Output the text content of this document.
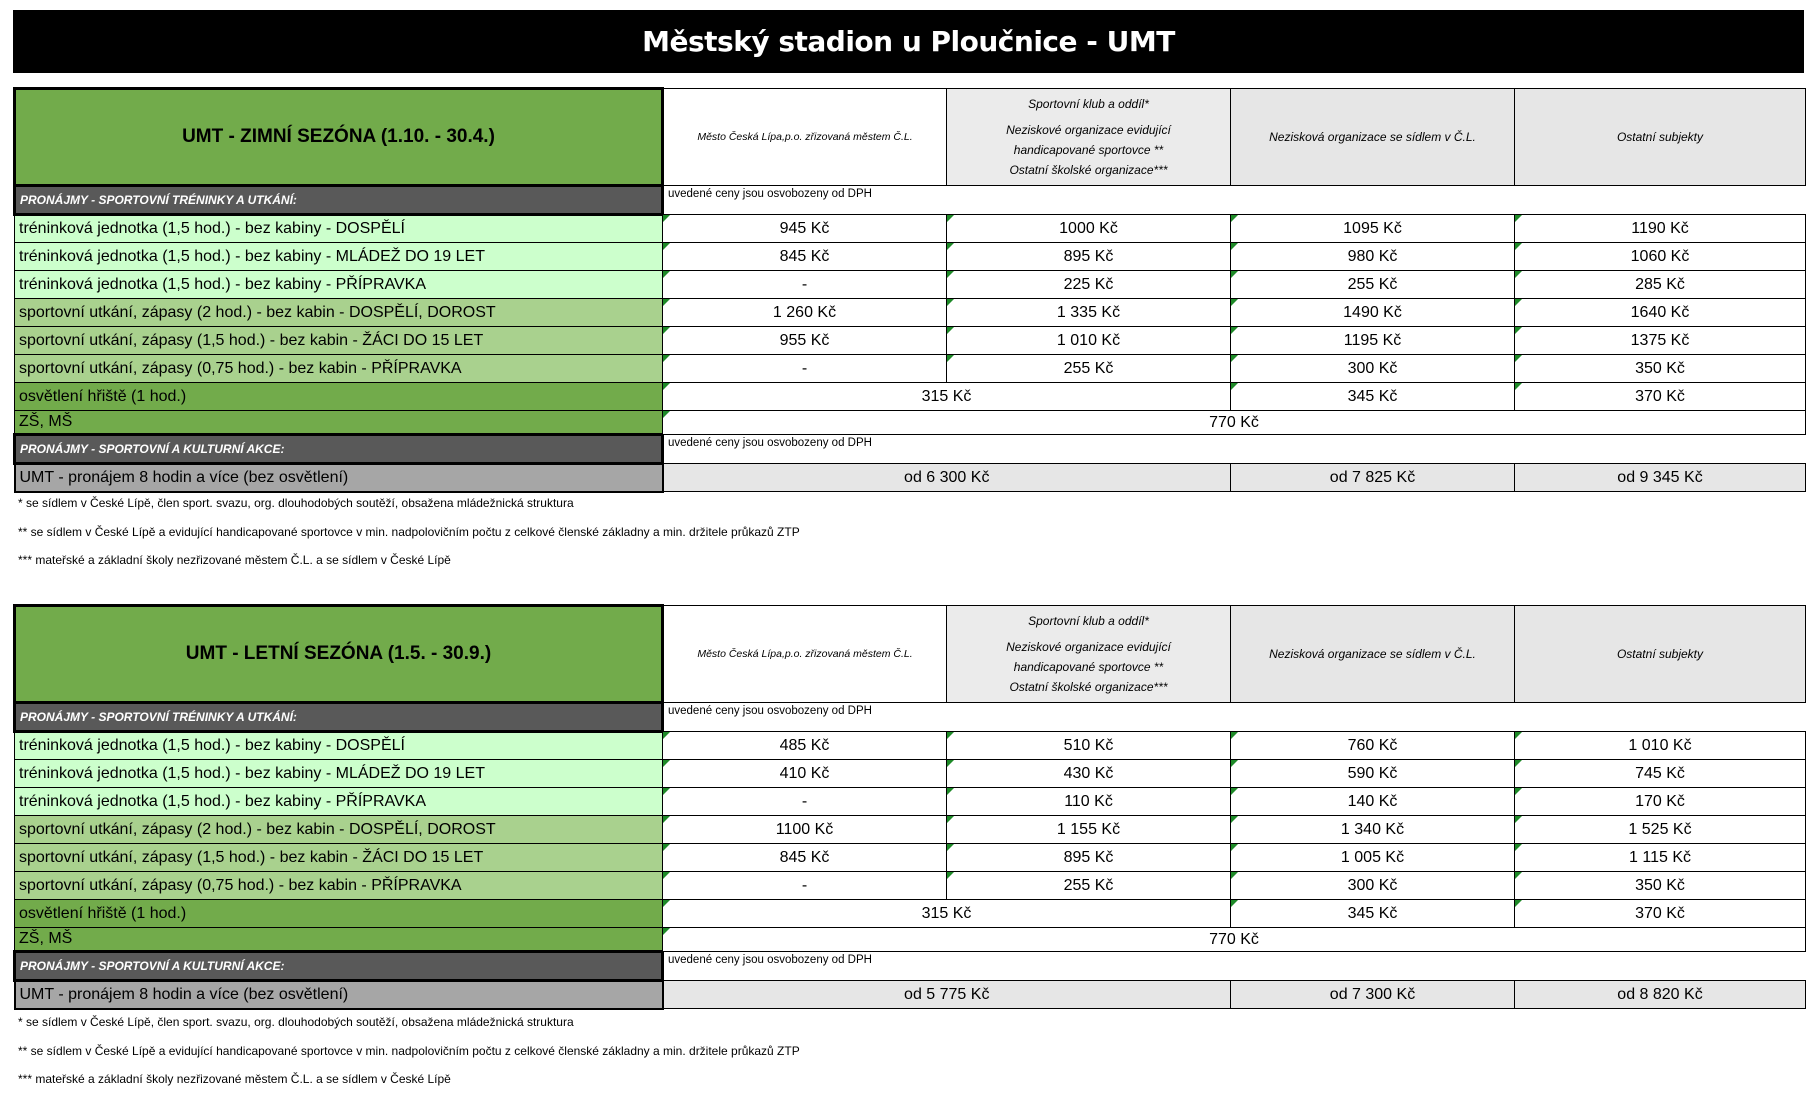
Městský stadion u Ploučnice - UMT
UMT - ZIMNÍ SEZÓNA (1.10. - 30.4.)	Město Česká Lípa,p.o. zřizovaná městem Č.L.	Sportovní klub a oddíl*
Neziskové organizace evidující
handicapované sportovce **
Ostatní školské organizace***	Nezisková organizace se sídlem v Č.L.	Ostatní subjekty
PRONÁJMY - SPORTOVNÍ TRÉNINKY A UTKÁNÍ:	uvedené ceny jsou osvobozeny od DPH			
tréninková jednotka (1,5 hod.) - bez kabiny - DOSPĚLÍ	945 Kč	1000 Kč	1095 Kč	1190 Kč
tréninková jednotka (1,5 hod.) - bez kabiny - MLÁDEŽ DO 19 LET	845 Kč	895 Kč	980 Kč	1060 Kč
tréninková jednotka (1,5 hod.) - bez kabiny - PŘÍPRAVKA	-	225 Kč	255 Kč	285 Kč
sportovní utkání, zápasy (2 hod.) - bez kabin - DOSPĚLÍ, DOROST	1 260 Kč	1 335 Kč	1490 Kč	1640 Kč
sportovní utkání, zápasy (1,5 hod.) - bez kabin - ŽÁCI DO 15 LET	955 Kč	1 010 Kč	1195 Kč	1375 Kč
sportovní utkání, zápasy (0,75 hod.) - bez kabin - PŘÍPRAVKA	-	255 Kč	300 Kč	350 Kč
osvětlení hřiště (1 hod.)	315 Kč		345 Kč	370 Kč
ZŠ, MŠ	770 Kč			
PRONÁJMY - SPORTOVNÍ A KULTURNÍ AKCE:	uvedené ceny jsou osvobozeny od DPH			
UMT - pronájem 8 hodin a více (bez osvětlení)	od 6 300 Kč		od 7 825 Kč	od 9 345 Kč
UMT - LETNÍ SEZÓNA (1.5. - 30.9.)	Město Česká Lípa,p.o. zřizovaná městem Č.L.	Sportovní klub a oddíl*
Neziskové organizace evidující
handicapované sportovce **
Ostatní školské organizace***	Nezisková organizace se sídlem v Č.L.	Ostatní subjekty
PRONÁJMY - SPORTOVNÍ TRÉNINKY A UTKÁNÍ:	uvedené ceny jsou osvobozeny od DPH			
tréninková jednotka (1,5 hod.) - bez kabiny - DOSPĚLÍ	485 Kč	510 Kč	760 Kč	1 010 Kč
tréninková jednotka (1,5 hod.) - bez kabiny - MLÁDEŽ DO 19 LET	410 Kč	430 Kč	590 Kč	745 Kč
tréninková jednotka (1,5 hod.) - bez kabiny - PŘÍPRAVKA	-	110 Kč	140 Kč	170 Kč
sportovní utkání, zápasy (2 hod.) - bez kabin - DOSPĚLÍ, DOROST	1100 Kč	1 155 Kč	1 340 Kč	1 525 Kč
sportovní utkání, zápasy (1,5 hod.) - bez kabin - ŽÁCI DO 15 LET	845 Kč	895 Kč	1 005 Kč	1 115 Kč
sportovní utkání, zápasy (0,75 hod.) - bez kabin - PŘÍPRAVKA	-	255 Kč	300 Kč	350 Kč
osvětlení hřiště (1 hod.)	315 Kč		345 Kč	370 Kč
ZŠ, MŠ	770 Kč			
PRONÁJMY - SPORTOVNÍ A KULTURNÍ AKCE:	uvedené ceny jsou osvobozeny od DPH			
UMT - pronájem 8 hodin a více (bez osvětlení)	od 5 775 Kč		od 7 300 Kč	od 8 820 Kč
* se sídlem v České Lípě, člen sport. svazu, org. dlouhodobých soutěží, obsažena mládežnická struktura
** se sídlem v České Lípě a evidující handicapované sportovce v min. nadpolovičním počtu z celkové členské základny a min. držitele průkazů ZTP
*** mateřské a základní školy nezřizované městem Č.L. a se sídlem v České Lípě
* se sídlem v České Lípě, člen sport. svazu, org. dlouhodobých soutěží, obsažena mládežnická struktura
** se sídlem v České Lípě a evidující handicapované sportovce v min. nadpolovičním počtu z celkové členské základny a min. držitele průkazů ZTP
*** mateřské a základní školy nezřizované městem Č.L. a se sídlem v České Lípě
